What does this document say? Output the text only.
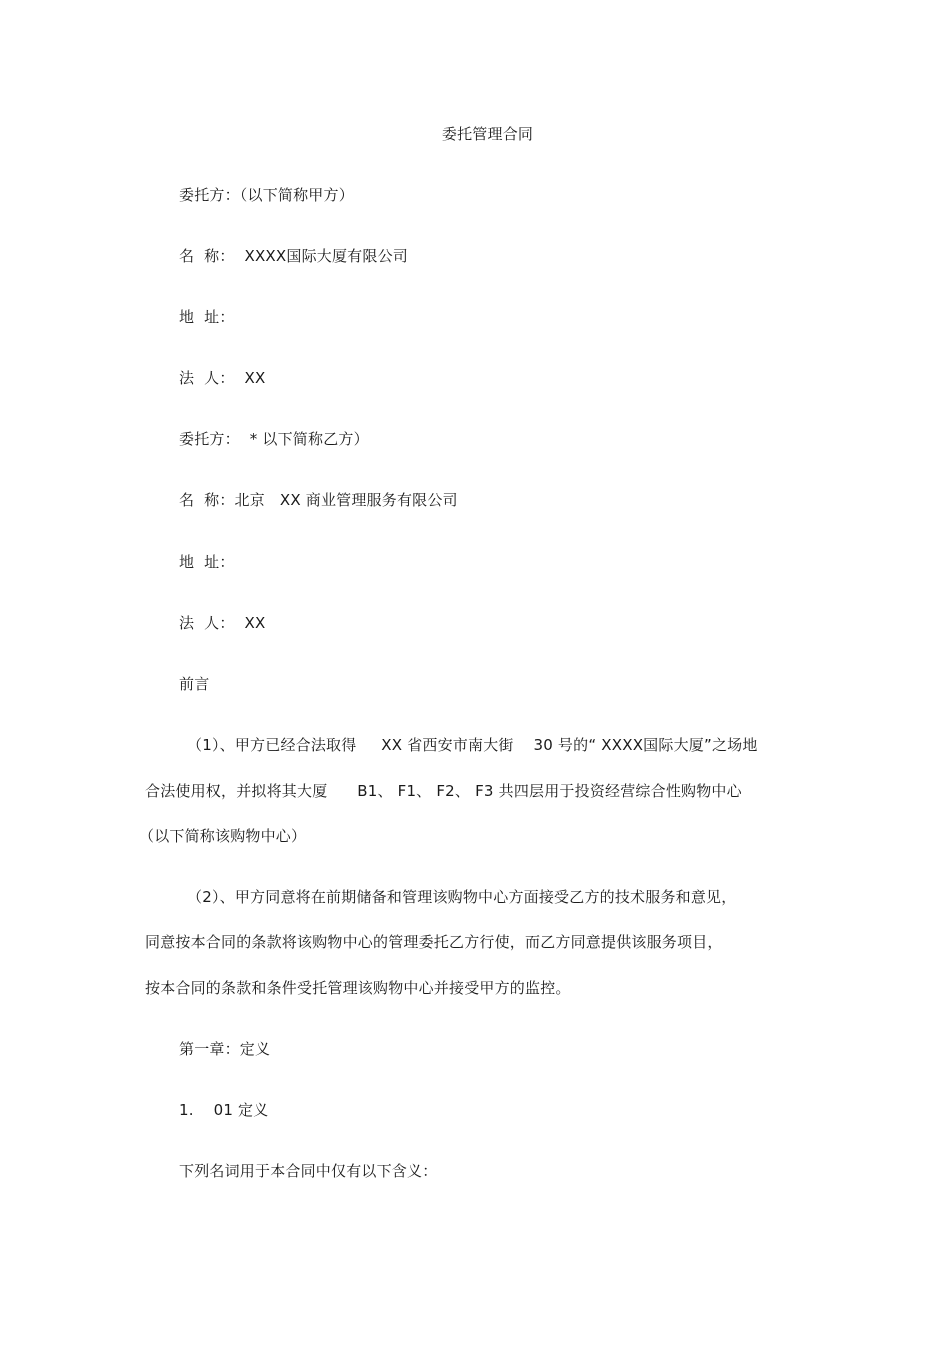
委托管理合同
委托方：（以下简称甲方）
名  称：  XXXX国际大厦有限公司
地  址：
法  人：  XX
委托方：  * 以下简称乙方）
名  称：北京   XX 商业管理服务有限公司
地  址：
法  人：  XX
前言
（1）、甲方已经合法取得     XX 省西安市南大街    30 号的“ XXXX国际大厦”之场地
合法使用权，并拟将其大厦      B1、 F1、 F2、 F3 共四层用于投资经营综合性购物中心
（以下简称该购物中心）
（2）、甲方同意将在前期储备和管理该购物中心方面接受乙方的技术服务和意见，
同意按本合同的条款将该购物中心的管理委托乙方行使，而乙方同意提供该服务项目，
按本合同的条款和条件受托管理该购物中心并接受甲方的监控。
第一章：定义
1.    01 定义
下列名词用于本合同中仅有以下含义：
